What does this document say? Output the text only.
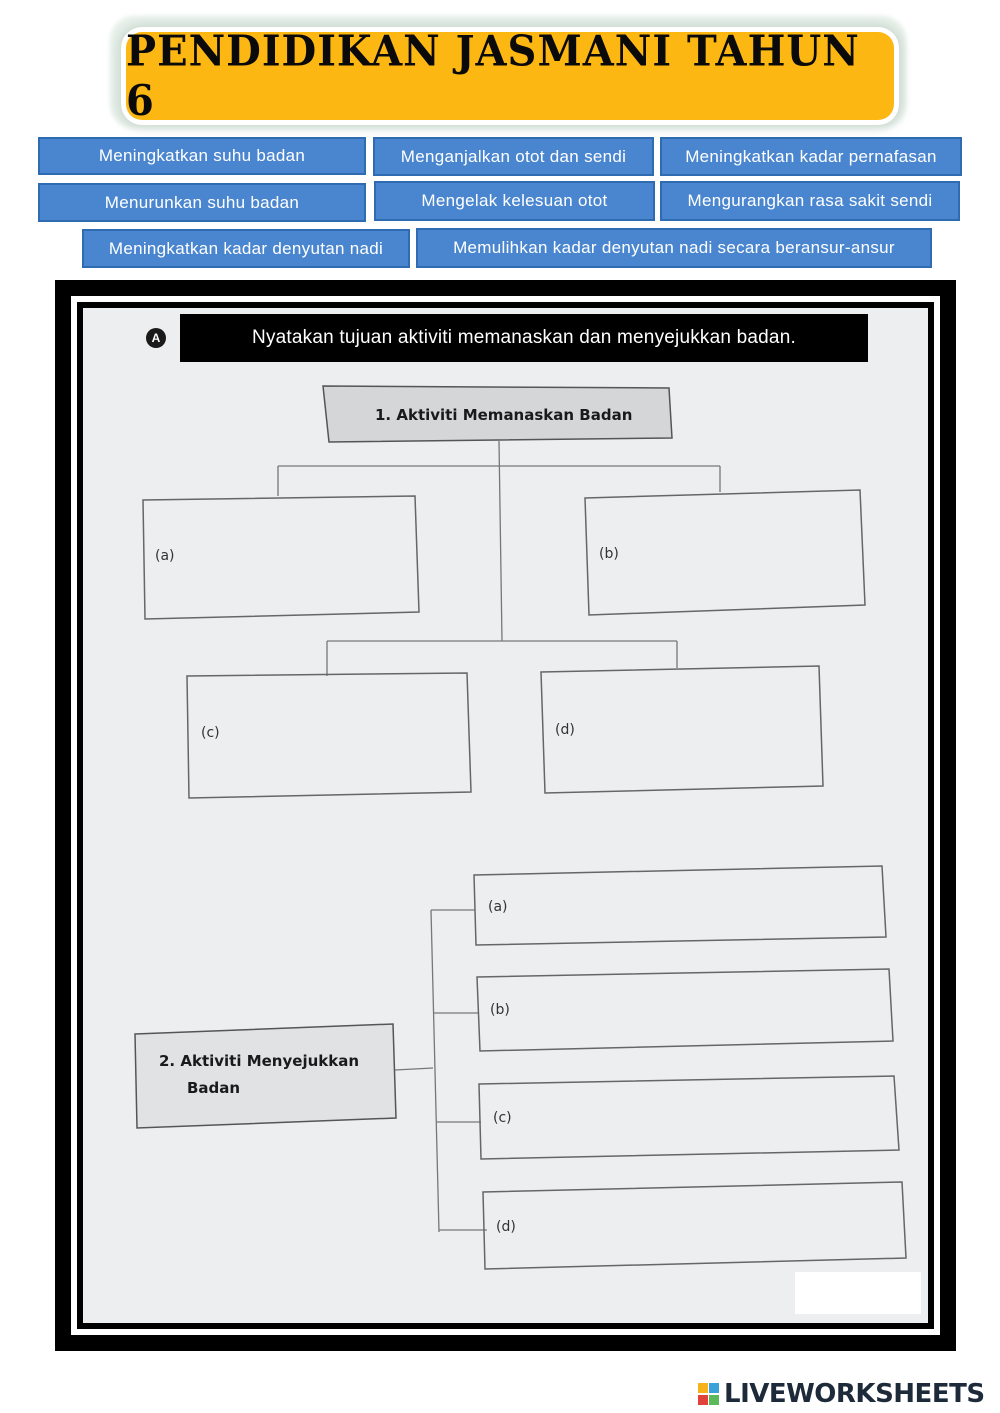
PENDIDIKAN JASMANI TAHUN 6
Meningkatkan suhu badan	Menganjalkan otot dan sendi	Meningkatkan kadar pernafasan
Menurunkan suhu badan	Mengelak kelesuan otot	Mengurangkan rasa sakit sendi
Meningkatkan kadar denyutan nadi	Memulihkan kadar denyutan nadi secara beransur-ansur
1. Aktiviti Memanaskan Badan
(a)	(b)
(c)	(d)
2. Aktiviti Menyejukkan
Badan
(a)
(b)
(c)
(d)
A	Nyatakan tujuan aktiviti memanaskan dan menyejukkan badan.
LIVEWORKSHEETS
